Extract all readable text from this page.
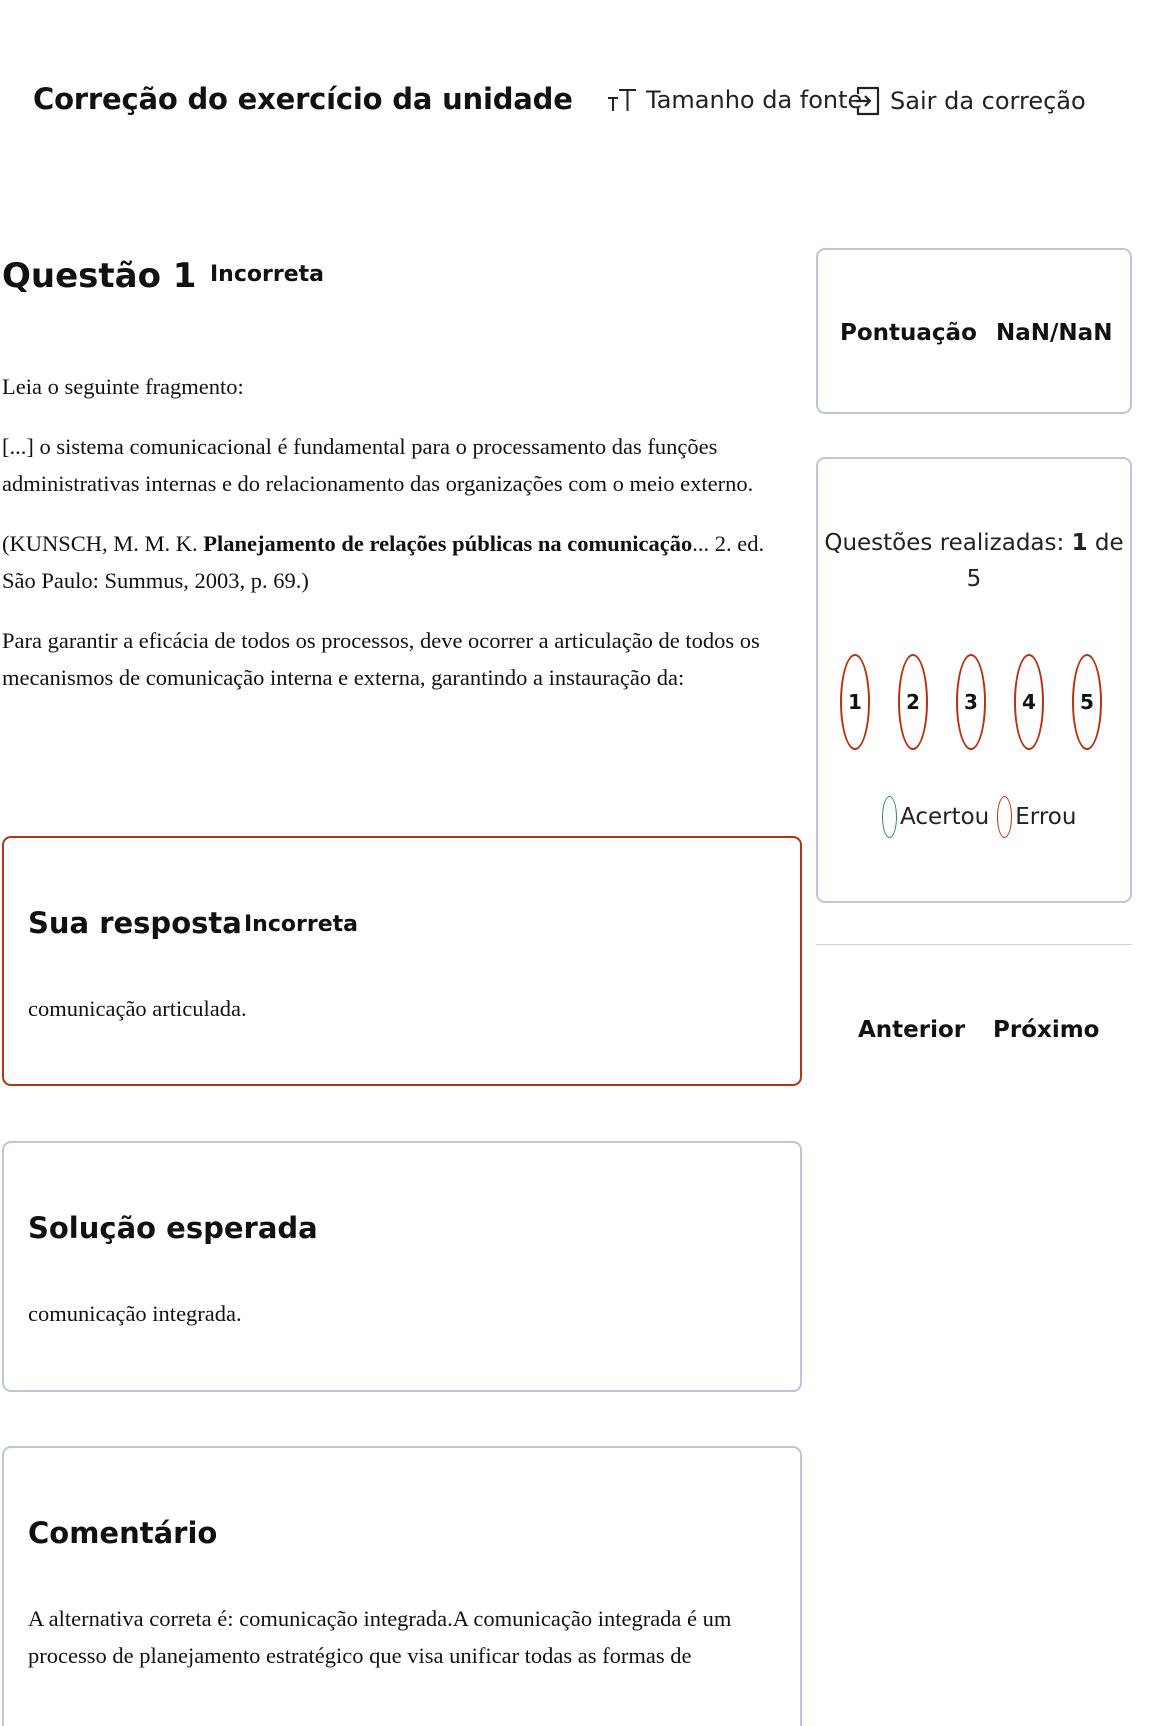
Correção do exercício da unidade	Tamanho da fonte Sair da correção
Questão 1 Incorreta

Leia o seguinte fragmento:

[...] o sistema comunicacional é fundamental para o processamento das funções administrativas internas e do relacionamento das organizações com o meio externo.

(KUNSCH, M. M. K. Planejamento de relações públicas na comunicação... 2. ed. São Paulo: Summus, 2003, p. 69.)

Para garantir a eficácia de todos os processos, deve ocorrer a articulação de todos os mecanismos de comunicação interna e externa, garantindo a instauração da:

Sua resposta Incorreta
comunicação articulada.
Solução esperada
comunicação integrada.
Comentário
A alternativa correta é: comunicação integrada.A comunicação integrada é um processo de planejamento estratégico que visa unificar todas as formas de
Pontuação NaN/NaN
Questões realizadas: 1 de 5
1	2	3	4	5
Acertou Errou
Anterior Próximo
